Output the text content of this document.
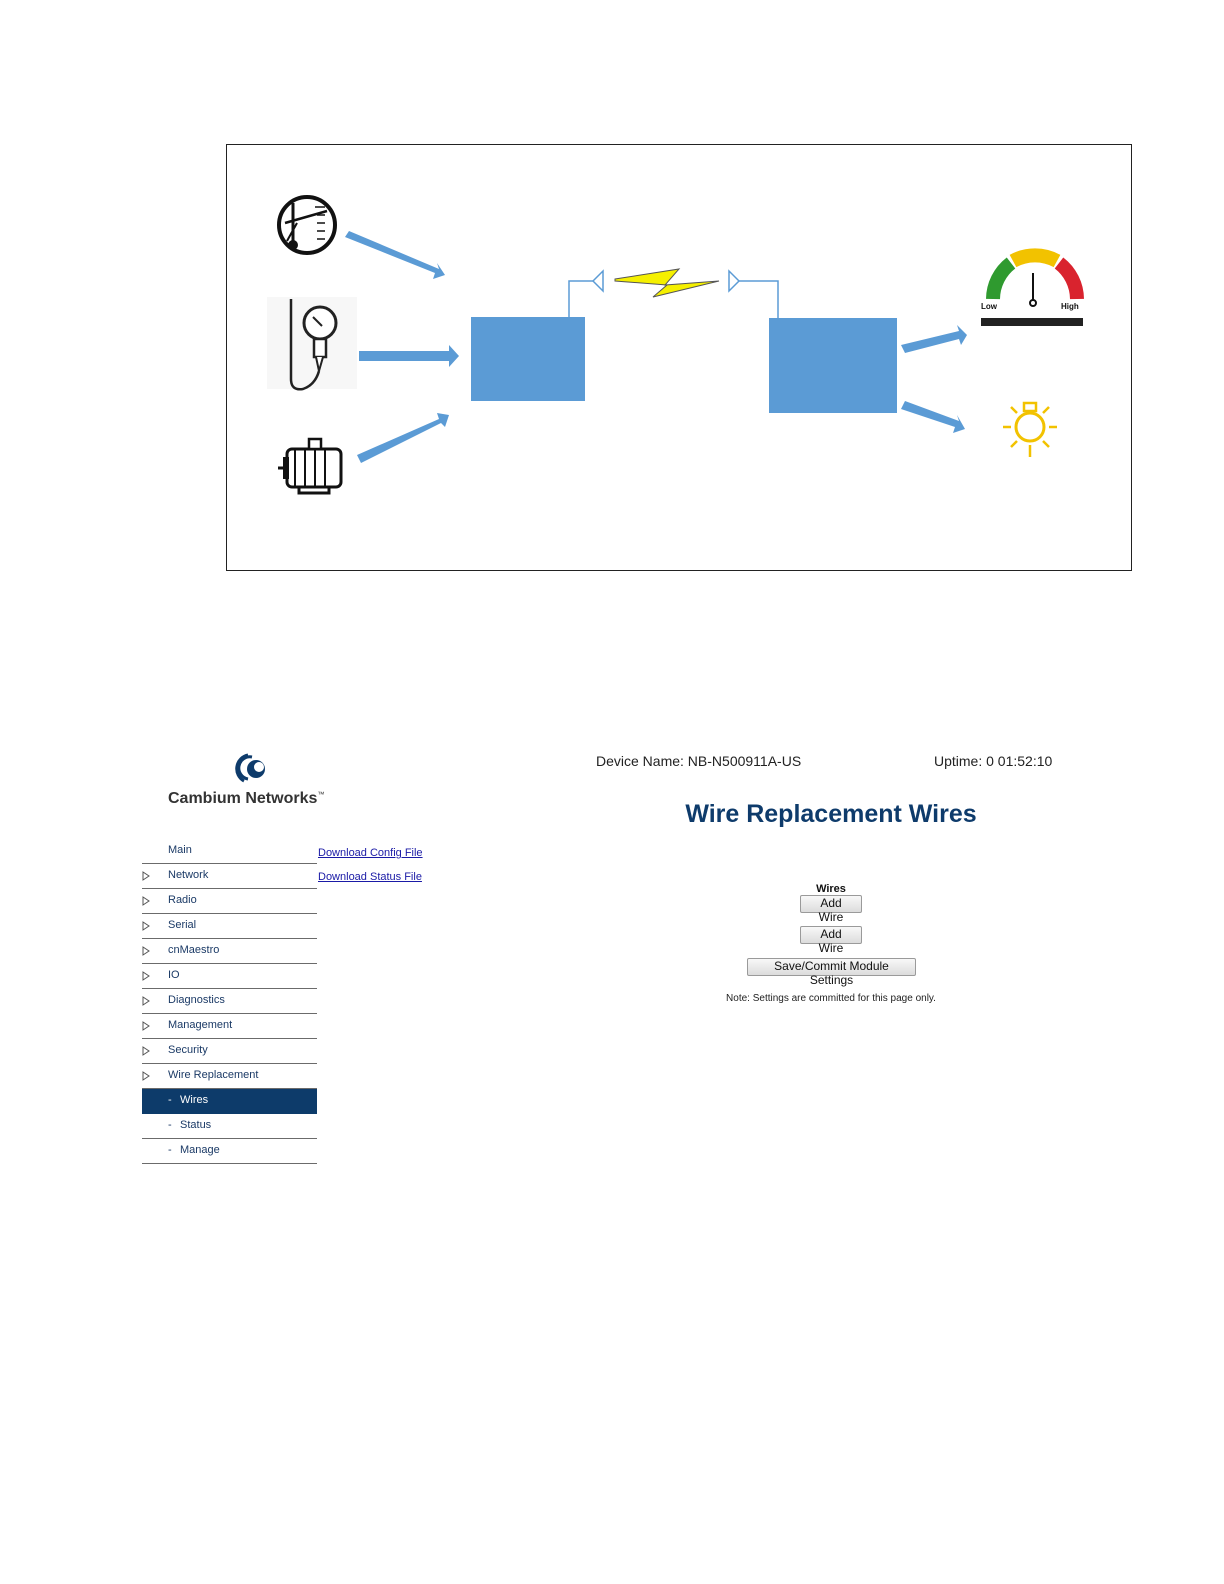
Low	High
Cambium Networks™
Device Name: NB-N500911A-US	Uptime: 0 01:52:10
Wire Replacement Wires
Main
Network
Radio
Serial
cnMaestro
IO
Diagnostics
Management
Security
Wire Replacement
- Wires
- Status
- Manage
Download Config File
Download Status File
Wires
Add Wire
Add Wire
Save/Commit Module Settings
Note: Settings are committed for this page only.
